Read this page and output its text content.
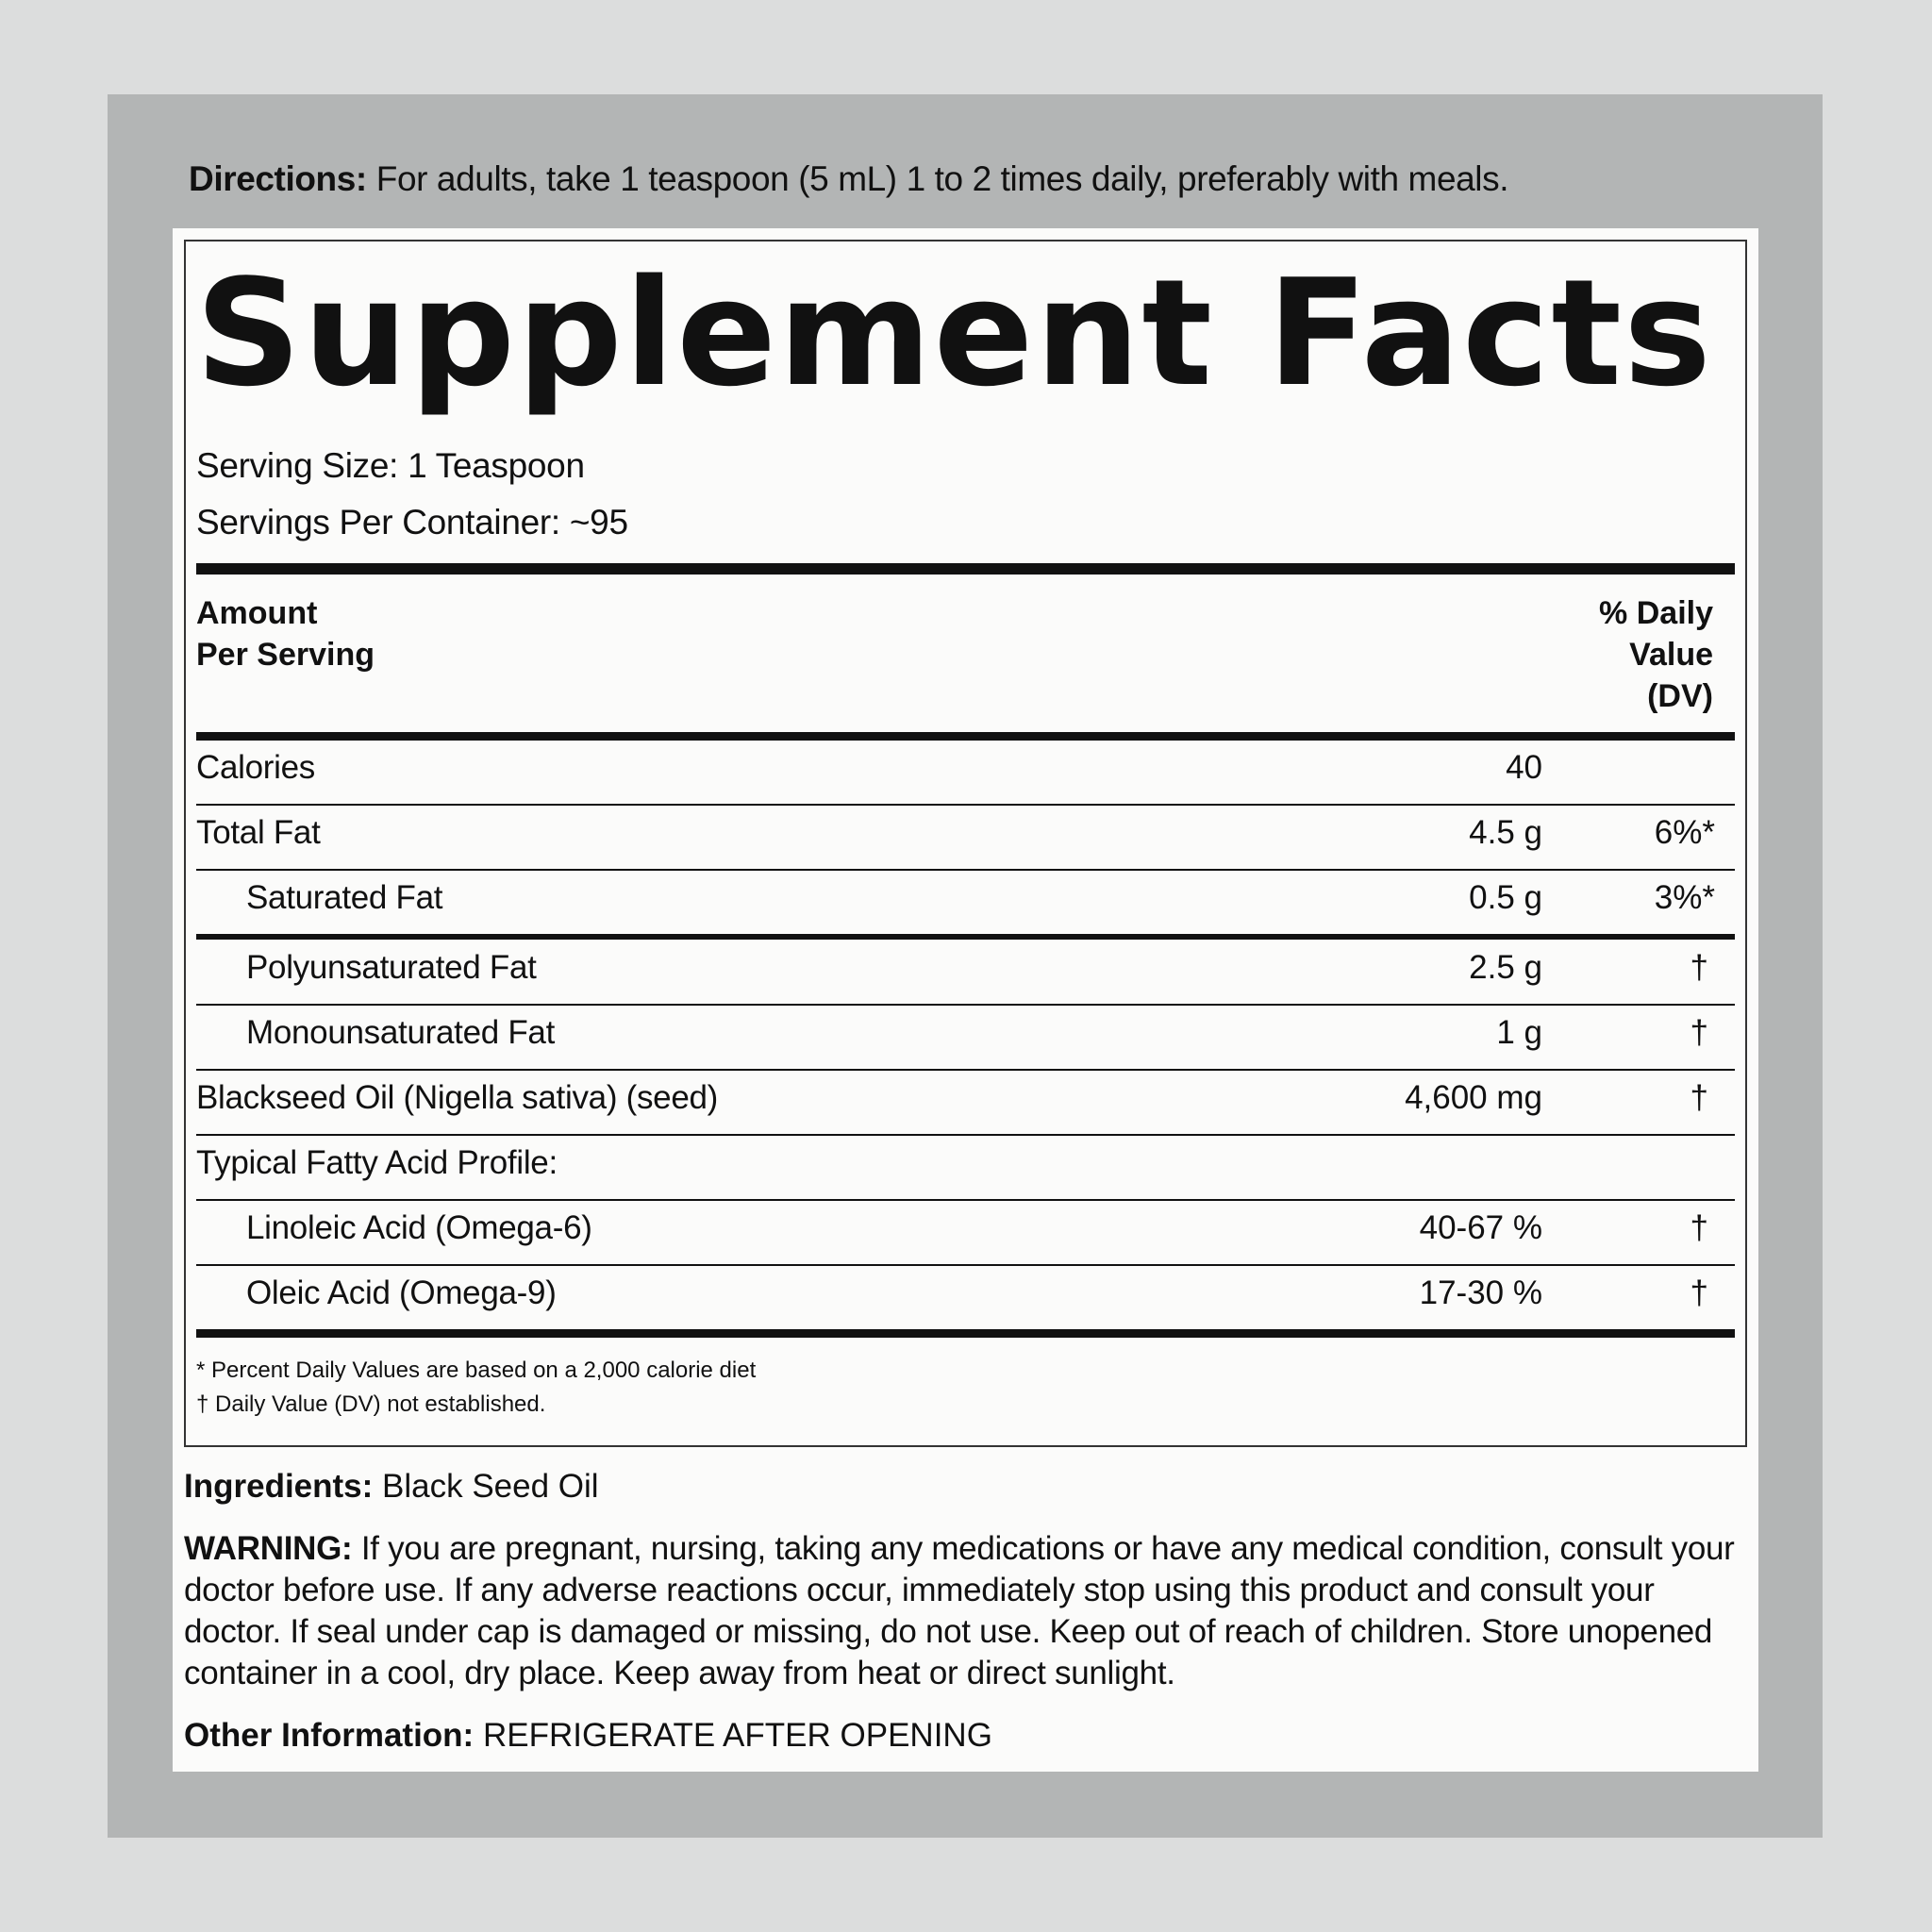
Directions: For adults, take 1 teaspoon (5 mL) 1 to 2 times daily, preferably with meals.
Supplement Facts
Serving Size: 1 Teaspoon
Servings Per Container: ~95
Amount
Per Serving
% Daily
Value
(DV)
Calories	40
Total Fat	4.5 g	6%*
Saturated Fat	0.5 g	3%*
Polyunsaturated Fat	2.5 g	†
Monounsaturated Fat	1 g	†
Blackseed Oil (Nigella sativa) (seed)	4,600 mg	†
Typical Fatty Acid Profile:
Linoleic Acid (Omega-6)	40-67 %	†
Oleic Acid (Omega-9)	17-30 %	†
* Percent Daily Values are based on a 2,000 calorie diet
† Daily Value (DV) not established.
Ingredients: Black Seed Oil
WARNING: If you are pregnant, nursing, taking any medications or have any medical condition, consult your doctor before use. If any adverse reactions occur, immediately stop using this product and consult your doctor. If seal under cap is damaged or missing, do not use. Keep out of reach of children. Store unopened container in a cool, dry place. Keep away from heat or direct sunlight.
Other Information: REFRIGERATE AFTER OPENING
